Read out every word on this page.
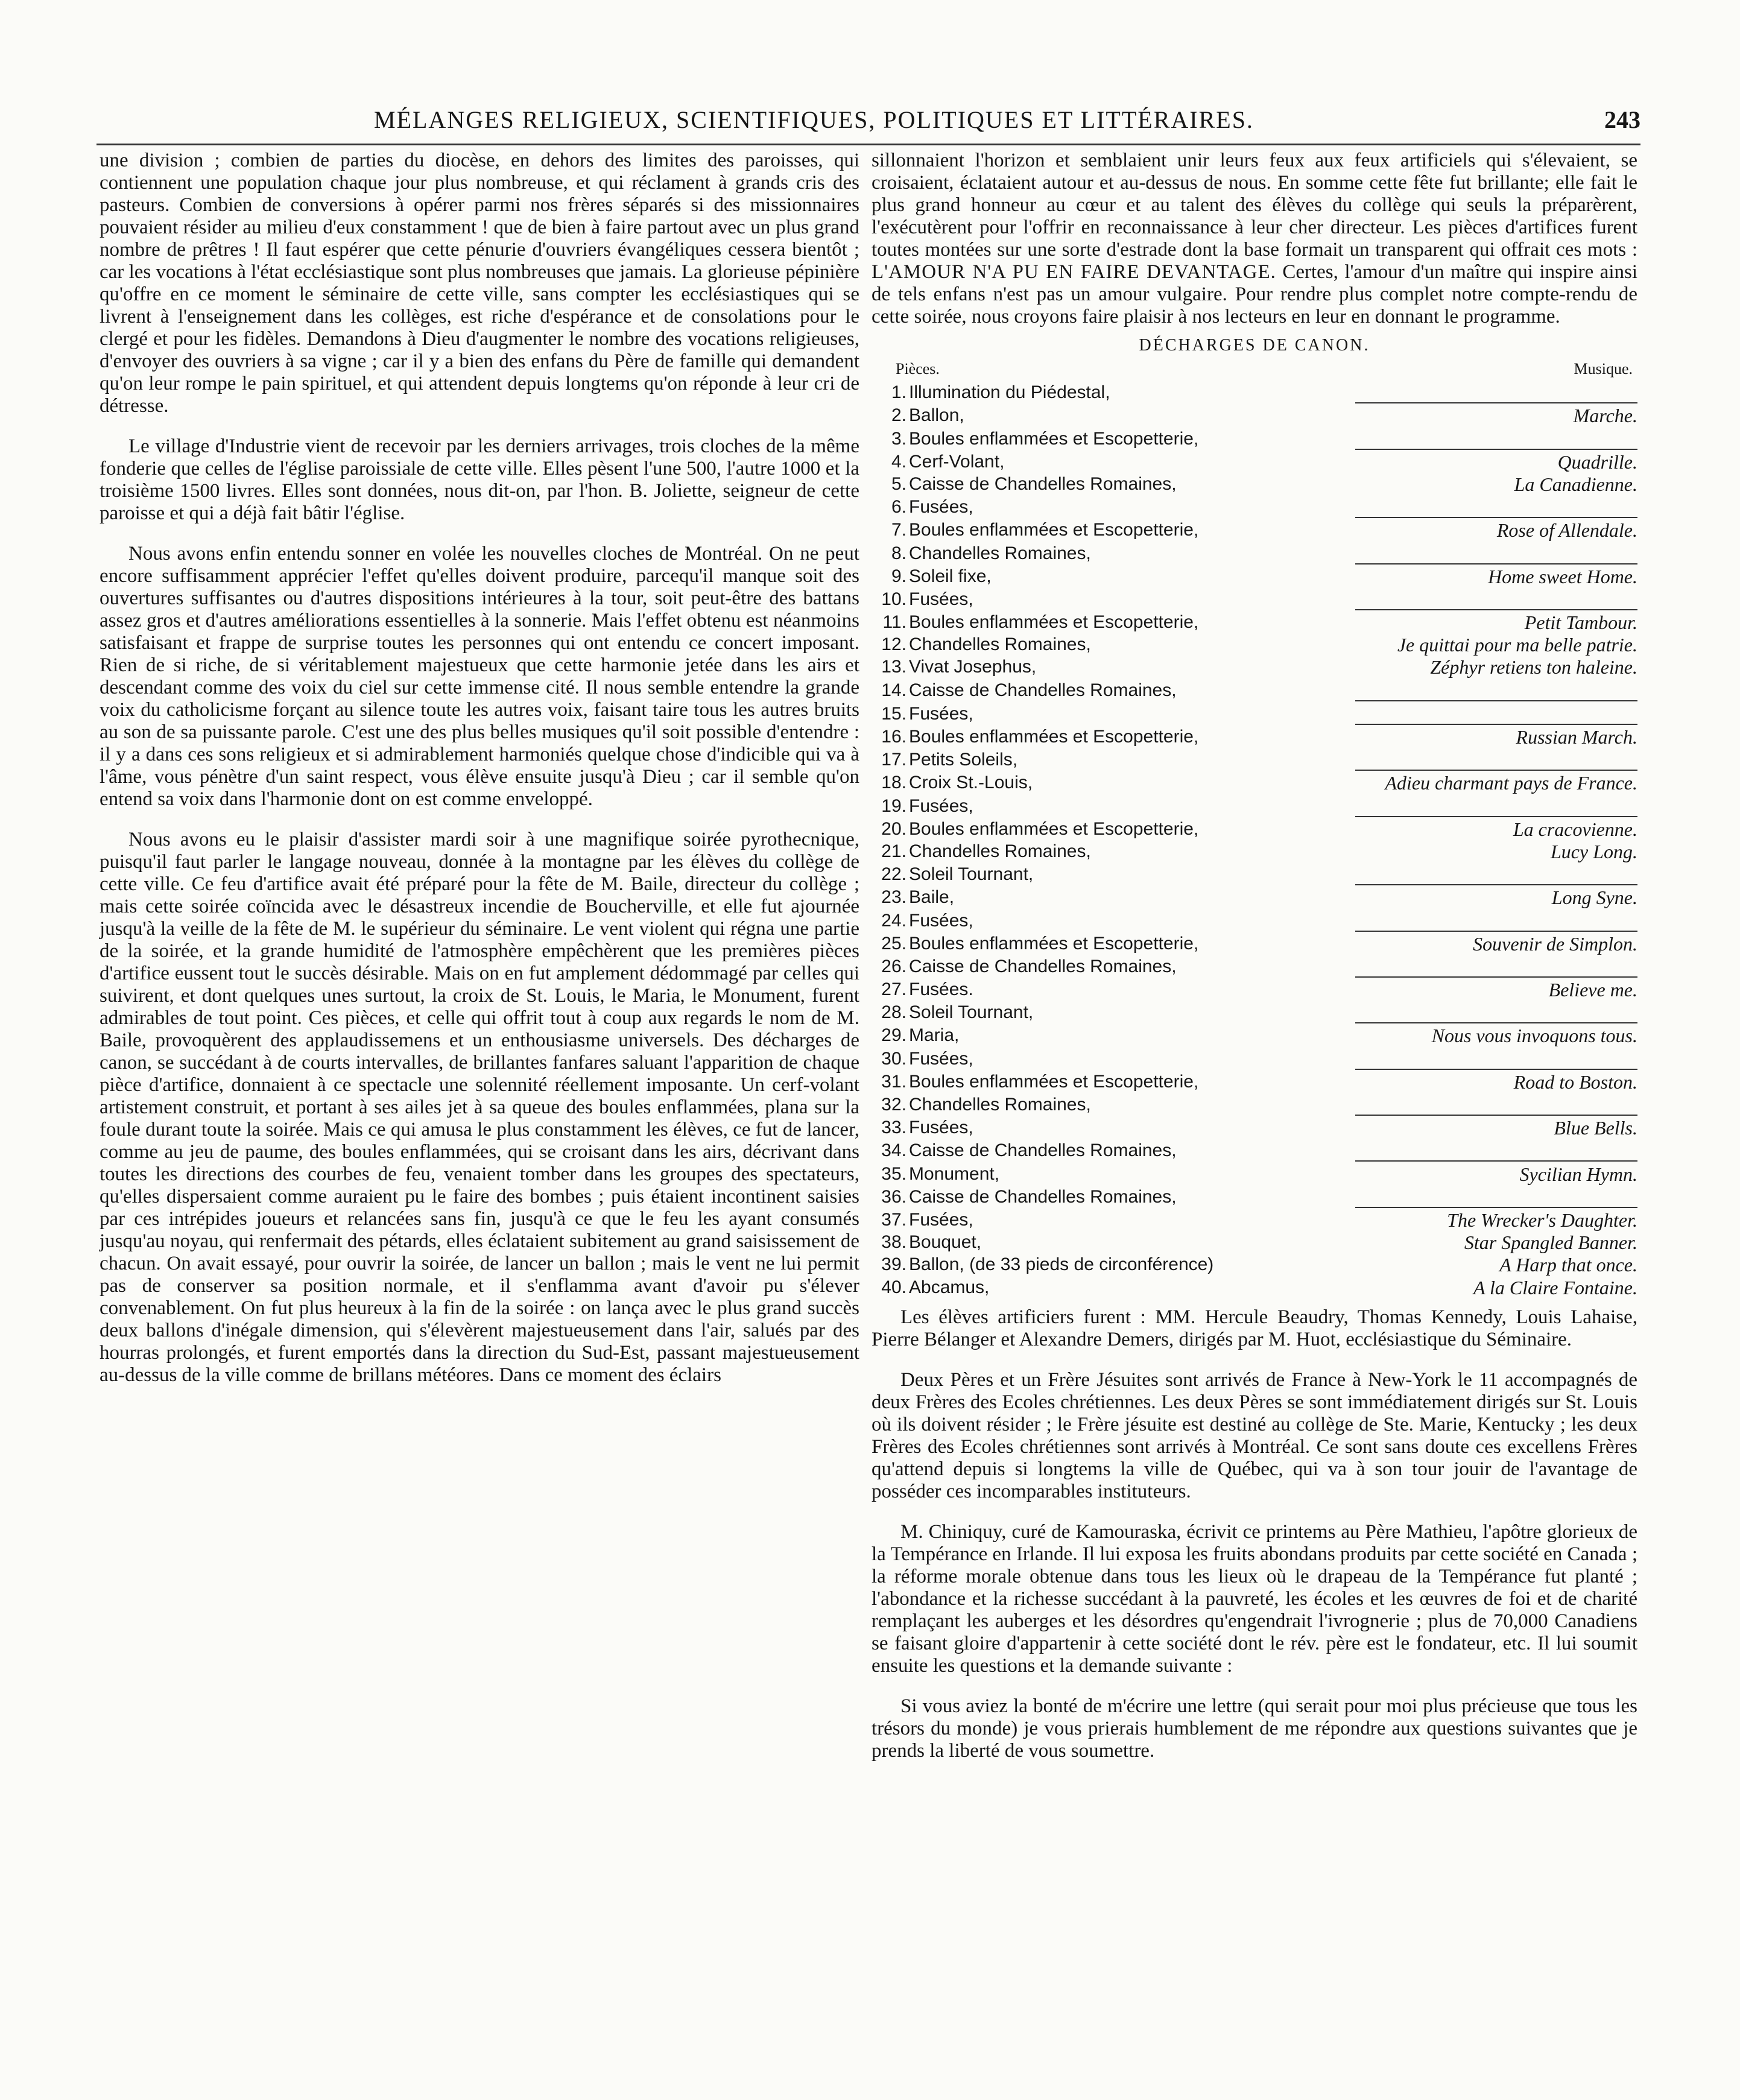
MÉLANGES RELIGIEUX, SCIENTIFIQUES, POLITIQUES ET LITTÉRAIRES.	243

une division ; combien de parties du diocèse, en dehors des limites des paroisses, qui contiennent une population chaque jour plus nombreuse, et qui réclament à grands cris des pasteurs. Combien de conversions à opérer parmi nos frères séparés si des missionnaires pouvaient résider au milieu d'eux constamment ! que de bien à faire partout avec un plus grand nombre de prêtres ! Il faut espérer que cette pénurie d'ouvriers évangéliques cessera bientôt ; car les vocations à l'état ecclésiastique sont plus nombreuses que jamais. La glorieuse pépinière qu'offre en ce moment le séminaire de cette ville, sans compter les ecclésiastiques qui se livrent à l'enseignement dans les collèges, est riche d'espérance et de consolations pour le clergé et pour les fidèles. Demandons à Dieu d'augmenter le nombre des vocations religieuses, d'envoyer des ouvriers à sa vigne ; car il y a bien des enfans du Père de famille qui demandent qu'on leur rompe le pain spirituel, et qui attendent depuis longtems qu'on réponde à leur cri de détresse.

Le village d'Industrie vient de recevoir par les derniers arrivages, trois cloches de la même fonderie que celles de l'église paroissiale de cette ville. Elles pèsent l'une 500, l'autre 1000 et la troisième 1500 livres. Elles sont données, nous dit-on, par l'hon. B. Joliette, seigneur de cette paroisse et qui a déjà fait bâtir l'église.

Nous avons enfin entendu sonner en volée les nouvelles cloches de Montréal. On ne peut encore suffisamment apprécier l'effet qu'elles doivent produire, parcequ'il manque soit des ouvertures suffisantes ou d'autres dispositions intérieures à la tour, soit peut-être des battans assez gros et d'autres améliorations essentielles à la sonnerie. Mais l'effet obtenu est néanmoins satisfaisant et frappe de surprise toutes les personnes qui ont entendu ce concert imposant. Rien de si riche, de si véritablement majestueux que cette harmonie jetée dans les airs et descendant comme des voix du ciel sur cette immense cité. Il nous semble entendre la grande voix du catholicisme forçant au silence toute les autres voix, faisant taire tous les autres bruits au son de sa puissante parole. C'est une des plus belles musiques qu'il soit possible d'entendre : il y a dans ces sons religieux et si admirablement harmoniés quelque chose d'indicible qui va à l'âme, vous pénètre d'un saint respect, vous élève ensuite jusqu'à Dieu ; car il semble qu'on entend sa voix dans l'harmonie dont on est comme enveloppé.

Nous avons eu le plaisir d'assister mardi soir à une magnifique soirée pyrothecnique, puisqu'il faut parler le langage nouveau, donnée à la montagne par les élèves du collège de cette ville. Ce feu d'artifice avait été préparé pour la fête de M. Baile, directeur du collège ; mais cette soirée coïncida avec le désastreux incendie de Boucherville, et elle fut ajournée jusqu'à la veille de la fête de M. le supérieur du séminaire. Le vent violent qui régna une partie de la soirée, et la grande humidité de l'atmosphère empêchèrent que les premières pièces d'artifice eussent tout le succès désirable. Mais on en fut amplement dédommagé par celles qui suivirent, et dont quelques unes surtout, la croix de St. Louis, le Maria, le Monument, furent admirables de tout point. Ces pièces, et celle qui offrit tout à coup aux regards le nom de M. Baile, provoquèrent des applaudissemens et un enthousiasme universels. Des décharges de canon, se succédant à de courts intervalles, de brillantes fanfares saluant l'apparition de chaque pièce d'artifice, donnaient à ce spectacle une solennité réellement imposante. Un cerf-volant artistement construit, et portant à ses ailes jet à sa queue des boules enflammées, plana sur la foule durant toute la soirée. Mais ce qui amusa le plus constamment les élèves, ce fut de lancer, comme au jeu de paume, des boules enflammées, qui se croisant dans les airs, décrivant dans toutes les directions des courbes de feu, venaient tomber dans les groupes des spectateurs, qu'elles dispersaient comme auraient pu le faire des bombes ; puis étaient incontinent saisies par ces intrépides joueurs et relancées sans fin, jusqu'à ce que le feu les ayant consumés jusqu'au noyau, qui renfermait des pétards, elles éclataient subitement au grand saisissement de chacun. On avait essayé, pour ouvrir la soirée, de lancer un ballon ; mais le vent ne lui permit pas de conserver sa position normale, et il s'enflamma avant d'avoir pu s'élever convenablement. On fut plus heureux à la fin de la soirée : on lança avec le plus grand succès deux ballons d'inégale dimension, qui s'élevèrent majestueusement dans l'air, salués par des hourras prolongés, et furent emportés dans la direction du Sud-Est, passant majestueusement au-dessus de la ville comme de brillans météores. Dans ce moment des éclairs

sillonnaient l'horizon et semblaient unir leurs feux aux feux artificiels qui s'élevaient, se croisaient, éclataient autour et au-dessus de nous. En somme cette fête fut brillante; elle fait le plus grand honneur au cœur et au talent des élèves du collège qui seuls la préparèrent, l'exécutèrent pour l'offrir en reconnaissance à leur cher directeur. Les pièces d'artifices furent toutes montées sur une sorte d'estrade dont la base formait un transparent qui offrait ces mots : L'AMOUR N'A PU EN FAIRE DEVANTAGE. Certes, l'amour d'un maître qui inspire ainsi de tels enfans n'est pas un amour vulgaire. Pour rendre plus complet notre compte-rendu de cette soirée, nous croyons faire plaisir à nos lecteurs en leur en donnant le programme.

DÉCHARGES DE CANON.
Pièces.	Musique.
1.	Illumination du Piédestal,	
2.	Ballon,	Marche.
3.	Boules enflammées et Escopetterie,	
4.	Cerf-Volant,	Quadrille.
5.	Caisse de Chandelles Romaines,	La Canadienne.
6.	Fusées,	
7.	Boules enflammées et Escopetterie,	Rose of Allendale.
8.	Chandelles Romaines,	
9.	Soleil fixe,	Home sweet Home.
10.	Fusées,	
11.	Boules enflammées et Escopetterie,	Petit Tambour.
12.	Chandelles Romaines,	Je quittai pour ma belle patrie.
13.	Vivat Josephus,	Zéphyr retiens ton haleine.
14.	Caisse de Chandelles Romaines,	
15.	Fusées,	
16.	Boules enflammées et Escopetterie,	Russian March.
17.	Petits Soleils,	
18.	Croix St.-Louis,	Adieu charmant pays de France.
19.	Fusées,	
20.	Boules enflammées et Escopetterie,	La cracovienne.
21.	Chandelles Romaines,	Lucy Long.
22.	Soleil Tournant,	
23.	Baile,	Long Syne.
24.	Fusées,	
25.	Boules enflammées et Escopetterie,	Souvenir de Simplon.
26.	Caisse de Chandelles Romaines,	
27.	Fusées.	Believe me.
28.	Soleil Tournant,	
29.	Maria,	Nous vous invoquons tous.
30.	Fusées,	
31.	Boules enflammées et Escopetterie,	Road to Boston.
32.	Chandelles Romaines,	
33.	Fusées,	Blue Bells.
34.	Caisse de Chandelles Romaines,	
35.	Monument,	Sycilian Hymn.
36.	Caisse de Chandelles Romaines,	
37.	Fusées,	The Wrecker's Daughter.
38.	Bouquet,	Star Spangled Banner.
39.	Ballon, (de 33 pieds de circonférence)	A Harp that once.
40.	Abcamus,	A la Claire Fontaine.

Les élèves artificiers furent : MM. Hercule Beaudry, Thomas Kennedy, Louis Lahaise, Pierre Bélanger et Alexandre Demers, dirigés par M. Huot, ecclésiastique du Séminaire.

Deux Pères et un Frère Jésuites sont arrivés de France à New-York le 11 accompagnés de deux Frères des Ecoles chrétiennes. Les deux Pères se sont immédiatement dirigés sur St. Louis où ils doivent résider ; le Frère jésuite est destiné au collège de Ste. Marie, Kentucky ; les deux Frères des Ecoles chrétiennes sont arrivés à Montréal. Ce sont sans doute ces excellens Frères qu'attend depuis si longtems la ville de Québec, qui va à son tour jouir de l'avantage de posséder ces incomparables instituteurs.

M. Chiniquy, curé de Kamouraska, écrivit ce printems au Père Mathieu, l'apôtre glorieux de la Tempérance en Irlande. Il lui exposa les fruits abondans produits par cette société en Canada ; la réforme morale obtenue dans tous les lieux où le drapeau de la Tempérance fut planté ; l'abondance et la richesse succédant à la pauvreté, les écoles et les œuvres de foi et de charité remplaçant les auberges et les désordres qu'engendrait l'ivrognerie ; plus de 70,000 Canadiens se faisant gloire d'appartenir à cette société dont le rév. père est le fondateur, etc. Il lui soumit ensuite les questions et la demande suivante :

Si vous aviez la bonté de m'écrire une lettre (qui serait pour moi plus précieuse que tous les trésors du monde) je vous prierais humblement de me répondre aux questions suivantes que je prends la liberté de vous soumettre.
